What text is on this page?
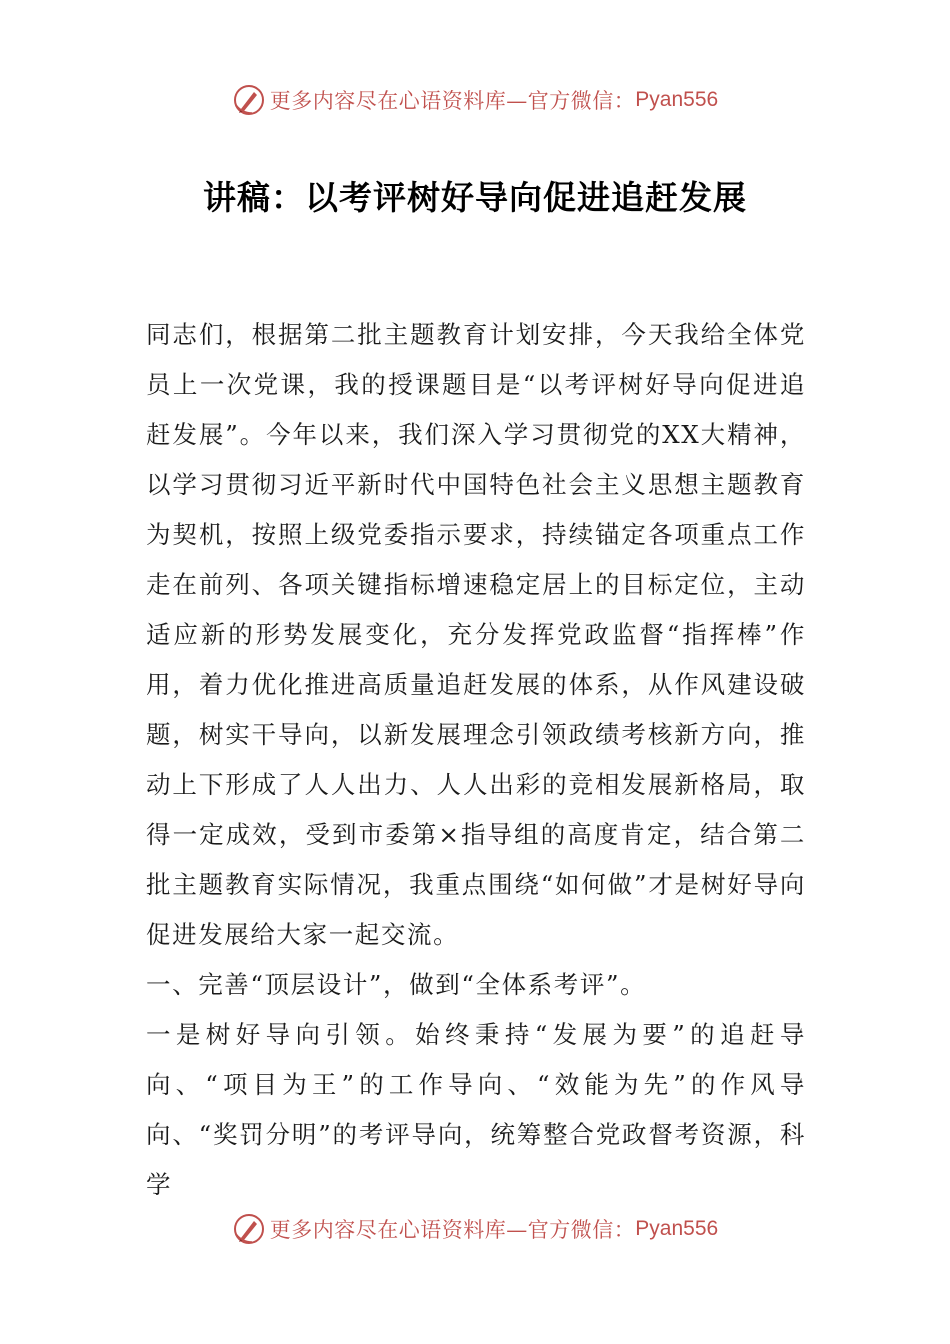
更多内容尽在心语资料库—官方微信： Pyan556
讲稿：以考评树好导向促进追赶发展

同志们，根据第二批主题教育计划安排，今天我给全体党员上一次党课，我的授课题目是“以考评树好导向促进追赶发展”。今年以来，我们深入学习贯彻党的XX大精神，以学习贯彻习近平新时代中国特色社会主义思想主题教育为契机，按照上级党委指示要求，持续锚定各项重点工作走在前列、各项关键指标增速稳定居上的目标定位，主动适应新的形势发展变化，充分发挥党政监督“指挥棒”作用，着力优化推进高质量追赶发展的体系，从作风建设破题，树实干导向，以新发展理念引领政绩考核新方向，推动上下形成了人人出力、人人出彩的竞相发展新格局，取得一定成效，受到市委第×指导组的高度肯定，结合第二批主题教育实际情况，我重点围绕“如何做”才是树好导向促进发展给大家一起交流。

一、完善“顶层设计”，做到“全体系考评”。

一是树好导向引领。始终秉持“发展为要”的追赶导向、“项目为王”的工作导向、“效能为先”的作风导向、“奖罚分明”的考评导向，统筹整合党政督考资源，科学

更多内容尽在心语资料库—官方微信： Pyan556
